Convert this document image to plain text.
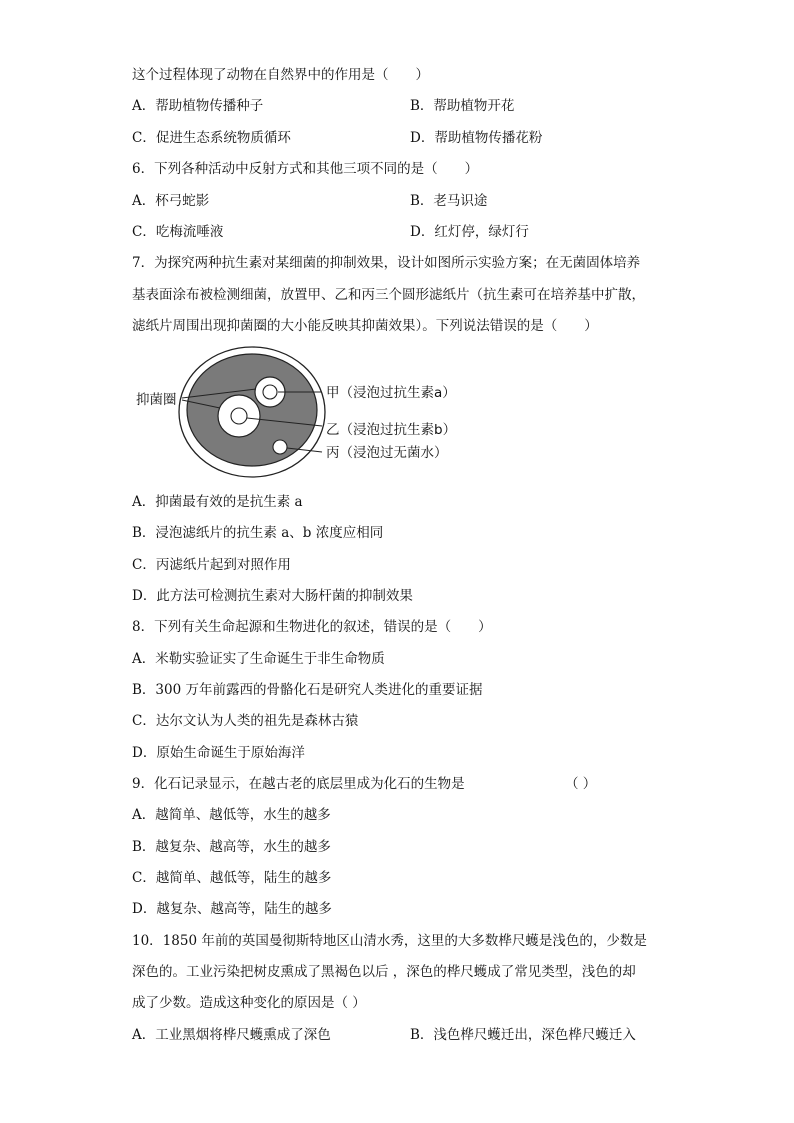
这个过程体现了动物在自然界中的作用是（　　）
A．帮助植物传播种子	B．帮助植物开花
C．促进生态系统物质循环	D．帮助植物传播花粉
6．下列各种活动中反射方式和其他三项不同的是（　　）
A．杯弓蛇影	B．老马识途
C．吃梅流唾液	D．红灯停，绿灯行
7．为探究两种抗生素对某细菌的抑制效果，设计如图所示实验方案；在无菌固体培养
基表面涂布被检测细菌，放置甲、乙和丙三个圆形滤纸片（抗生素可在培养基中扩散，
滤纸片周围出现抑菌圈的大小能反映其抑菌效果）。下列说法错误的是（　　）
抑菌圈	甲（浸泡过抗生素a）
乙（浸泡过抗生素b）
丙（浸泡过无菌水）
A．抑菌最有效的是抗生素 a
B．浸泡滤纸片的抗生素 a、b 浓度应相同
C．丙滤纸片起到对照作用
D．此方法可检测抗生素对大肠杆菌的抑制效果
8．下列有关生命起源和生物进化的叙述，错误的是（　　）
A．米勒实验证实了生命诞生于非生命物质
B．300 万年前露西的骨骼化石是研究人类进化的重要证据
C．达尔文认为人类的祖先是森林古猿
D．原始生命诞生于原始海洋
9．化石记录显示，在越古老的底层里成为化石的生物是	（ ）
A．越简单、越低等，水生的越多
B．越复杂、越高等，水生的越多
C．越简单、越低等，陆生的越多
D．越复杂、越高等，陆生的越多
10．1850 年前的英国曼彻斯特地区山清水秀，这里的大多数桦尺蠖是浅色的，少数是
深色的。工业污染把树皮熏成了黑褐色以后 ，深色的桦尺蠖成了常见类型，浅色的却
成了少数。造成这种变化的原因是（ ）
A．工业黑烟将桦尺蠖熏成了深色	B．浅色桦尺蠖迁出，深色桦尺蠖迁入
